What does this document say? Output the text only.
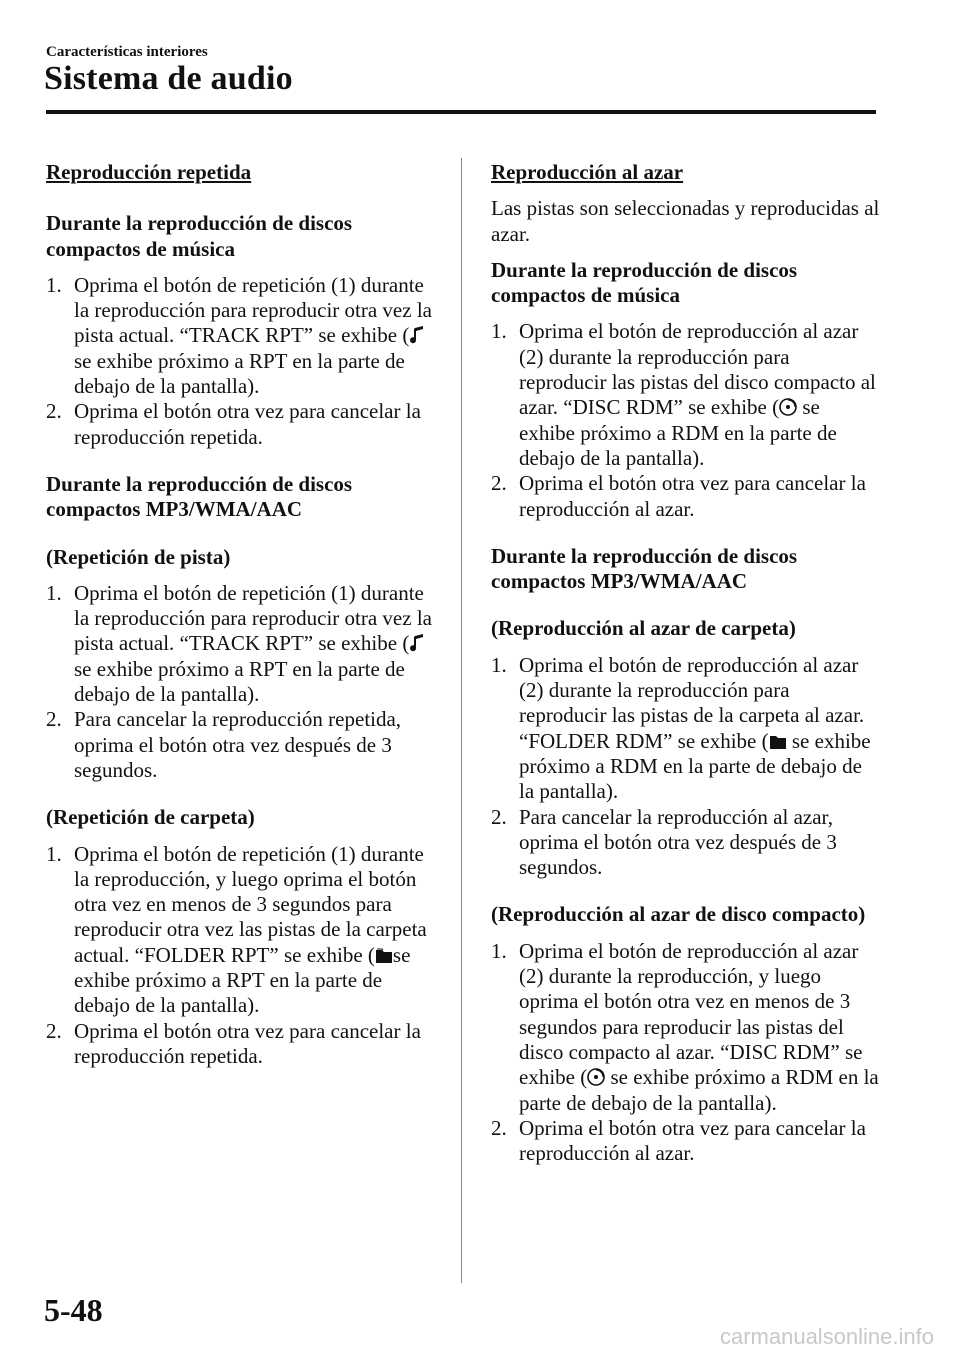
Características interiores
Sistema de audio

Reproducción repetida

Durante la reproducción de discos compactos de música

1. Oprima el botón de repetición (1) durante la reproducción para reproducir otra vez la pista actual. “TRACK RPT” se exhibe (se exhibe próximo a RPT en la parte de debajo de la pantalla).
2. Oprima el botón otra vez para cancelar la reproducción repetida.

Durante la reproducción de discos compactos MP3/WMA/AAC

(Repetición de pista)

1. Oprima el botón de repetición (1) durante la reproducción para reproducir otra vez la pista actual. “TRACK RPT” se exhibe (se exhibe próximo a RPT en la parte de debajo de la pantalla).
2. Para cancelar la reproducción repetida, oprima el botón otra vez después de 3 segundos.

(Repetición de carpeta)

1. Oprima el botón de repetición (1) durante la reproducción, y luego oprima el botón otra vez en menos de 3 segundos para reproducir otra vez las pistas de la carpeta actual. “FOLDER RPT” se exhibe ( se exhibe próximo a RPT en la parte de debajo de la pantalla).
2. Oprima el botón otra vez para cancelar la reproducción repetida.

Reproducción al azar

Las pistas son seleccionadas y reproducidas al azar.

Durante la reproducción de discos compactos de música

1. Oprima el botón de reproducción al azar (2) durante la reproducción para reproducir las pistas del disco compacto al azar. “DISC RDM” se exhibe ( se exhibe próximo a RDM en la parte de debajo de la pantalla).
2. Oprima el botón otra vez para cancelar la reproducción al azar.

Durante la reproducción de discos compactos MP3/WMA/AAC

(Reproducción al azar de carpeta)

1. Oprima el botón de reproducción al azar (2) durante la reproducción para reproducir las pistas de la carpeta al azar. “FOLDER RDM” se exhibe ( se exhibe próximo a RDM en la parte de debajo de la pantalla).
2. Para cancelar la reproducción al azar, oprima el botón otra vez después de 3 segundos.

(Reproducción al azar de disco compacto)

1. Oprima el botón de reproducción al azar (2) durante la reproducción, y luego oprima el botón otra vez en menos de 3 segundos para reproducir las pistas del disco compacto al azar. “DISC RDM” se exhibe ( se exhibe próximo a RDM en la parte de debajo de la pantalla).
2. Oprima el botón otra vez para cancelar la reproducción al azar.
5-48
carmanualsonline.info
